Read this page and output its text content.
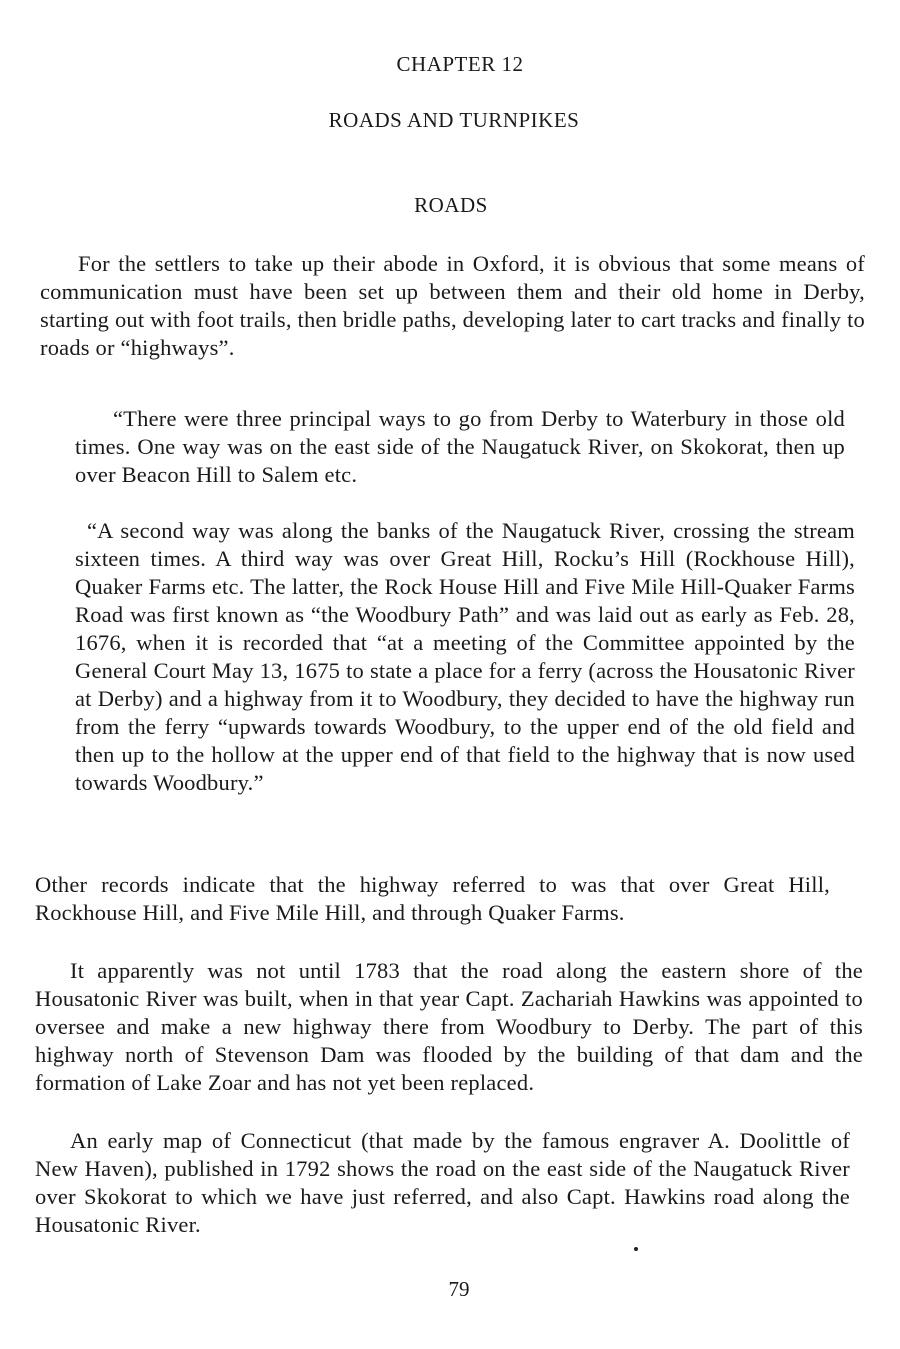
CHAPTER 12
ROADS AND TURNPIKES
ROADS

For the settlers to take up their abode in Oxford, it is obvious that some means of communication must have been set up between them and their old home in Derby, starting out with foot trails, then bridle paths, developing later to cart tracks and finally to roads or “highways”.

“There were three principal ways to go from Derby to Waterbury in those old times. One way was on the east side of the Naugatuck River, on Skokorat, then up over Beacon Hill to Salem etc.

“A second way was along the banks of the Naugatuck River, crossing the stream sixteen times. A third way was over Great Hill, Rocku’s Hill (Rockhouse Hill), Quaker Farms etc. The latter, the Rock House Hill and Five Mile Hill-Quaker Farms Road was first known as “the Woodbury Path” and was laid out as early as Feb. 28, 1676, when it is recorded that “at a meeting of the Committee appointed by the General Court May 13, 1675 to state a place for a ferry (across the Housatonic River at Derby) and a highway from it to Woodbury, they decided to have the highway run from the ferry “upwards towards Woodbury, to the upper end of the old field and then up to the hollow at the upper end of that field to the highway that is now used towards Woodbury.”

Other records indicate that the highway referred to was that over Great Hill, Rockhouse Hill, and Five Mile Hill, and through Quaker Farms.

It apparently was not until 1783 that the road along the eastern shore of the Housatonic River was built, when in that year Capt. Zachariah Hawkins was appointed to oversee and make a new highway there from Woodbury to Derby. The part of this highway north of Stevenson Dam was flooded by the building of that dam and the formation of Lake Zoar and has not yet been replaced.

An early map of Connecticut (that made by the famous engraver A. Doolittle of New Haven), published in 1792 shows the road on the east side of the Naugatuck River over Skokorat to which we have just referred, and also Capt. Hawkins road along the Housatonic River.

79
